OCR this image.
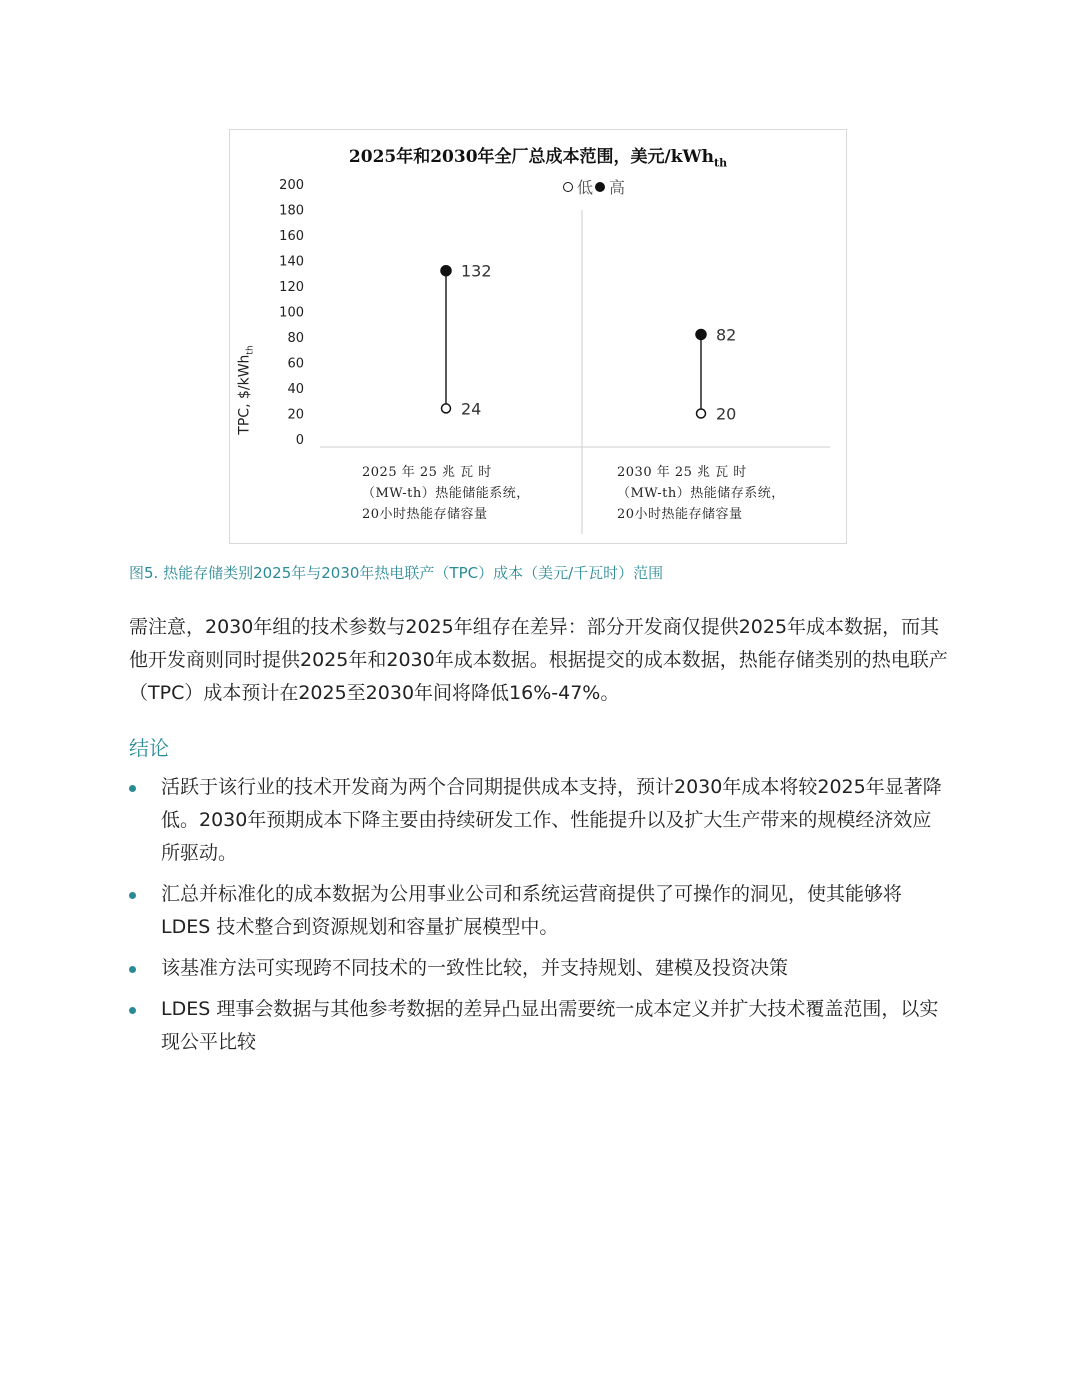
2025年和2030年全厂总成本范围，美元/kWh$_{th}$
低 高
TPC, $/kWh$_{th}$
0
20
40
60
80
100
120
140
160
180
200
132
24
82
20
2025 年 25 兆 瓦 时 （MW-th）热能储能系统，20小时热能存储容量
2030 年 25 兆 瓦 时 （MW-th）热能储存系统，20小时热能存储容量
图5. 热能存储类别2025年与2030年热电联产（TPC）成本（美元/千瓦时）范围
需注意，2030年组的技术参数与2025年组存在差异：部分开发商仅提供2025年成本数据，而其他开发商则同时提供2025年和2030年成本数据。根据提交的成本数据，热能存储类别的热电联产（TPC）成本预计在2025至2030年间将降低16%-47%。
结论
活跃于该行业的技术开发商为两个合同期提供成本支持，预计2030年成本将较2025年显著降低。2030年预期成本下降主要由持续研发工作、性能提升以及扩大生产带来的规模经济效应所驱动。
汇总并标准化的成本数据为公用事业公司和系统运营商提供了可操作的洞见，使其能够将 LDES 技术整合到资源规划和容量扩展模型中。
该基准方法可实现跨不同技术的一致性比较，并支持规划、建模及投资决策
LDES 理事会数据与其他参考数据的差异凸显出需要统一成本定义并扩大技术覆盖范围，以实现公平比较
